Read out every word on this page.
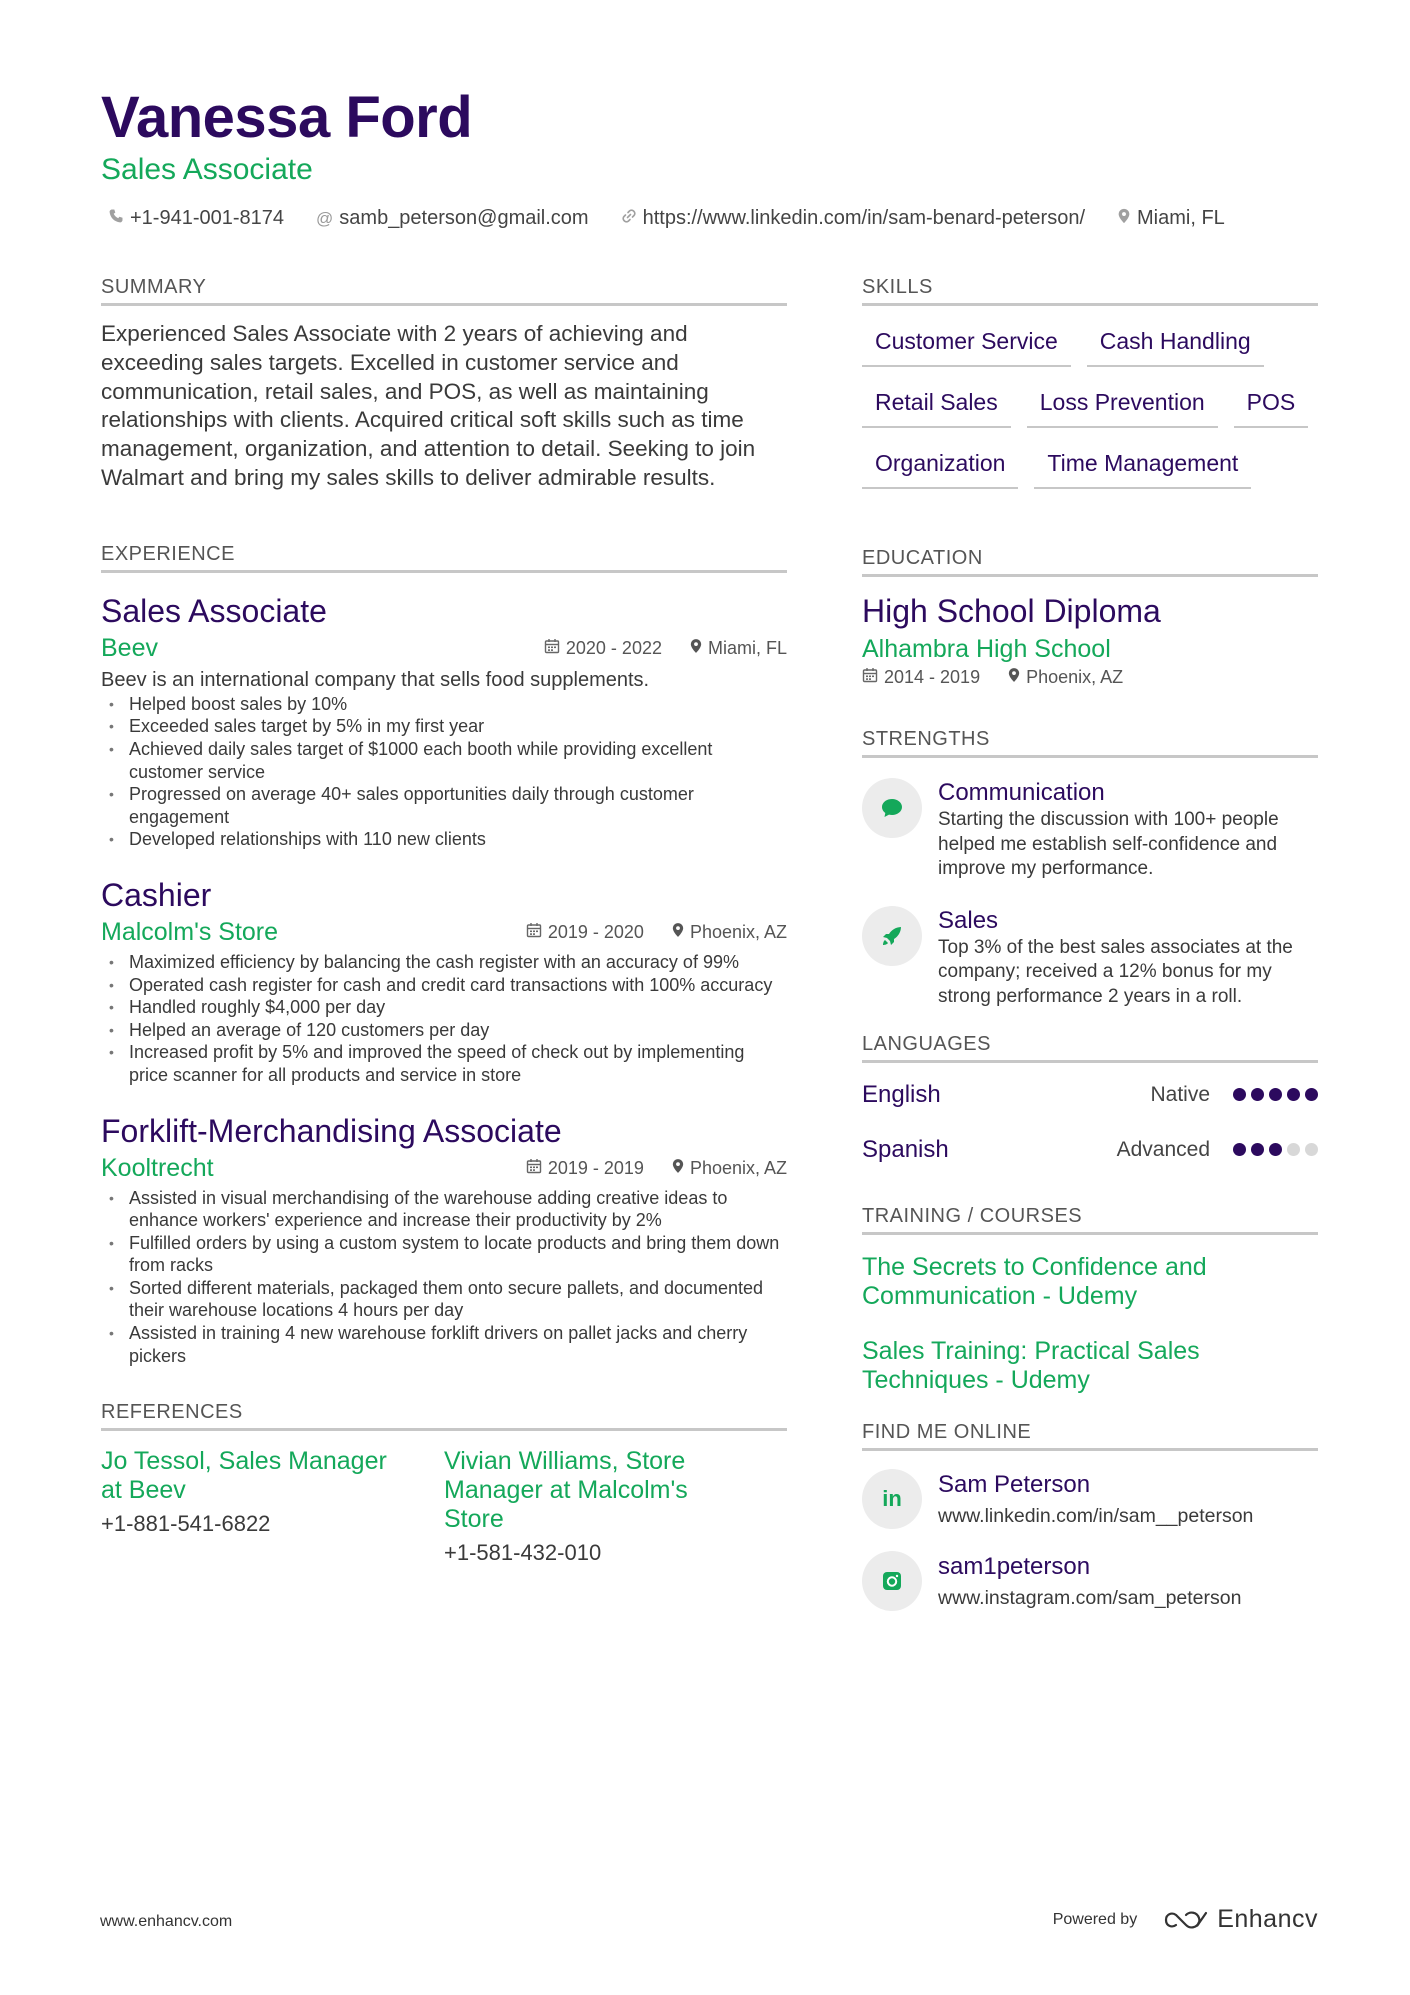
Vanessa Ford
Sales Associate
+1-941-001-8174 @ samb_peterson@gmail.com	https://www.linkedin.com/in/sam-benard-peterson/	Miami, FL
SUMMARY
Experienced Sales Associate with 2 years of achieving and exceeding sales targets. Excelled in customer service and communication, retail sales, and POS, as well as maintaining relationships with clients. Acquired critical soft skills such as time management, organization, and attention to detail. Seeking to join Walmart and bring my sales skills to deliver admirable results.
EXPERIENCE
Sales Associate
Beev	2020 - 2022	Miami, FL
Beev is an international company that sells food supplements.
• Helped boost sales by 10%
• Exceeded sales target by 5% in my first year
• Achieved daily sales target of $1000 each booth while providing excellent customer service
• Progressed on average 40+ sales opportunities daily through customer engagement
• Developed relationships with 110 new clients
Cashier
Malcolm's Store	2019 - 2020	Phoenix, AZ
• Maximized efficiency by balancing the cash register with an accuracy of 99%
• Operated cash register for cash and credit card transactions with 100% accuracy
• Handled roughly $4,000 per day
• Helped an average of 120 customers per day
• Increased profit by 5% and improved the speed of check out by implementing price scanner for all products and service in store
Forklift-Merchandising Associate
Kooltrecht	2019 - 2019	Phoenix, AZ
• Assisted in visual merchandising of the warehouse adding creative ideas to enhance workers' experience and increase their productivity by 2%
• Fulfilled orders by using a custom system to locate products and bring them down from racks
• Sorted different materials, packaged them onto secure pallets, and documented their warehouse locations 4 hours per day
• Assisted in training 4 new warehouse forklift drivers on pallet jacks and cherry pickers
REFERENCES
Jo Tessol, Sales Manager at Beev
+1-881-541-6822
Vivian Williams, Store Manager at Malcolm's Store
+1-581-432-010
SKILLS
Customer Service	Cash Handling
Retail Sales	Loss Prevention	POS
Organization	Time Management
EDUCATION
High School Diploma
Alhambra High School
2014 - 2019	Phoenix, AZ
STRENGTHS
Communication
Starting the discussion with 100+ people helped me establish self-confidence and improve my performance.
Sales
Top 3% of the best sales associates at the company; received a 12% bonus for my strong performance 2 years in a roll.
LANGUAGES
English	Native
Spanish	Advanced
TRAINING / COURSES
The Secrets to Confidence and Communication - Udemy
Sales Training: Practical Sales Techniques - Udemy
FIND ME ONLINE
in
Sam Peterson
www.linkedin.com/in/sam__peterson
sam1peterson
www.instagram.com/sam_peterson
www.enhancv.com	Powered by	Enhancv
